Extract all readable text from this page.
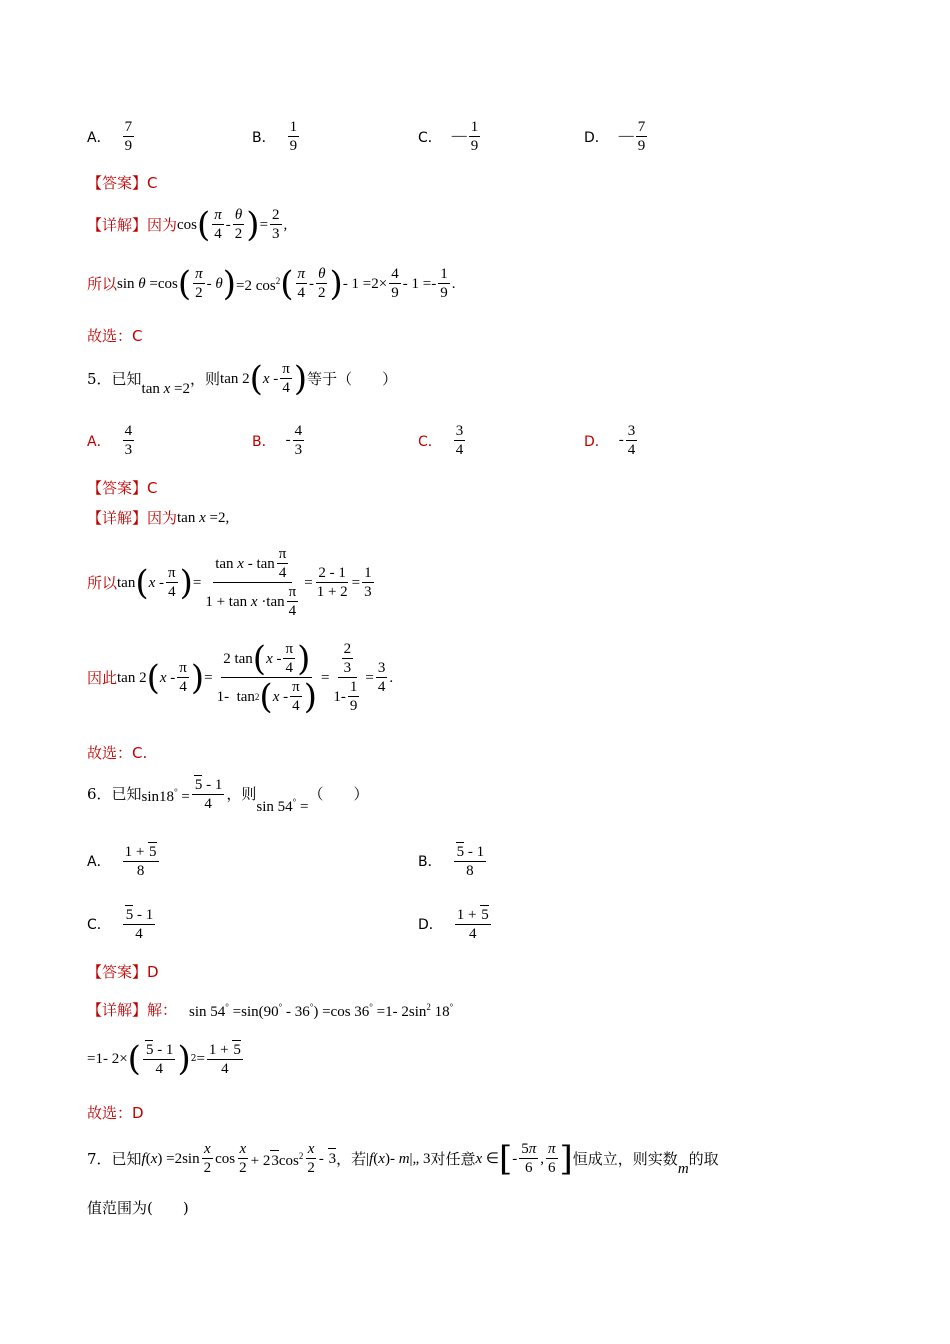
A． $\frac{7}{9}$	B． $\frac{1}{9}$	C． — $\frac{1}{9}$	D． — $\frac{7}{9}$
【答案】C
【详解】因为 cos ( $\frac{\pi}{4} - \frac{\theta}{2}$ ) = $\frac{2}{3}$ ,
所以 sin θ =cos ( $\frac{\pi}{2}$ - θ ) =2 $\cos^2$ ( $\frac{\pi}{4} - \frac{\theta}{2}$ ) - $1 =2\times \frac{4}{9} - 1 =- \frac{1}{9}$ .
故选：C
5．已知
tan x =2
，则 tan 2 ( x - $\frac{\pi}{4}$ ) 等于（　　）
A． $\frac{4}{3}$	B． - $\frac{4}{3}$	C． $\frac{3}{4}$	D． - $\frac{3}{4}$
【答案】C
【详解】因为 tan x =2 ,
所以 tan ( x - $\frac{\pi}{4}$ ) = $\frac{\tan x - \tan \frac{\pi}{4}}{1 + \tan x \cdot\tan \frac{\pi}{4}} = \frac{2 - 1}{1 + 2} = \frac{1}{3}$
因此 tan 2 ( x - $\frac{\pi}{4}$ ) = $\frac{2 \tan ( x - \frac{\pi}{4} )}{1- \tan 2 ( x - \frac{\pi}{4} )} = \frac{\frac{2}{3}}{1- \frac{1}{9}} = \frac{3}{4}$ .
故选：C.
6．已知 $\sin 18^\circ = \frac{5 - 1}{4}$ ，则
sin 54° =
（　　）
A． $\frac{1 + 5}{8}$	B． $\frac{5 - 1}{8}$
C． $\frac{5 - 1}{4}$	D． $\frac{1 + 5}{4}$
【答案】D
【详解】 解： sin 54° =sin(90° - 36°) =cos 36° =1- $2\sin^2$ 18°
=1- 2× ( $\frac{5 - 1}{4}$ ) $2 = \frac{1 + 5}{4}$
故选：D
7．已知 $f(x) =2\sin \frac{x}{2}$ $\cos \frac{x}{2} + 23\cos^2 \frac{x}{2} - 3$ ，若 |f(x)- m|„ 3 对任意 x ∈ [ - $\frac{5\pi}{6}$ , $\frac{\pi}{6}$ ] 恒成立，则实数
m
的取
值范围为(　　)
